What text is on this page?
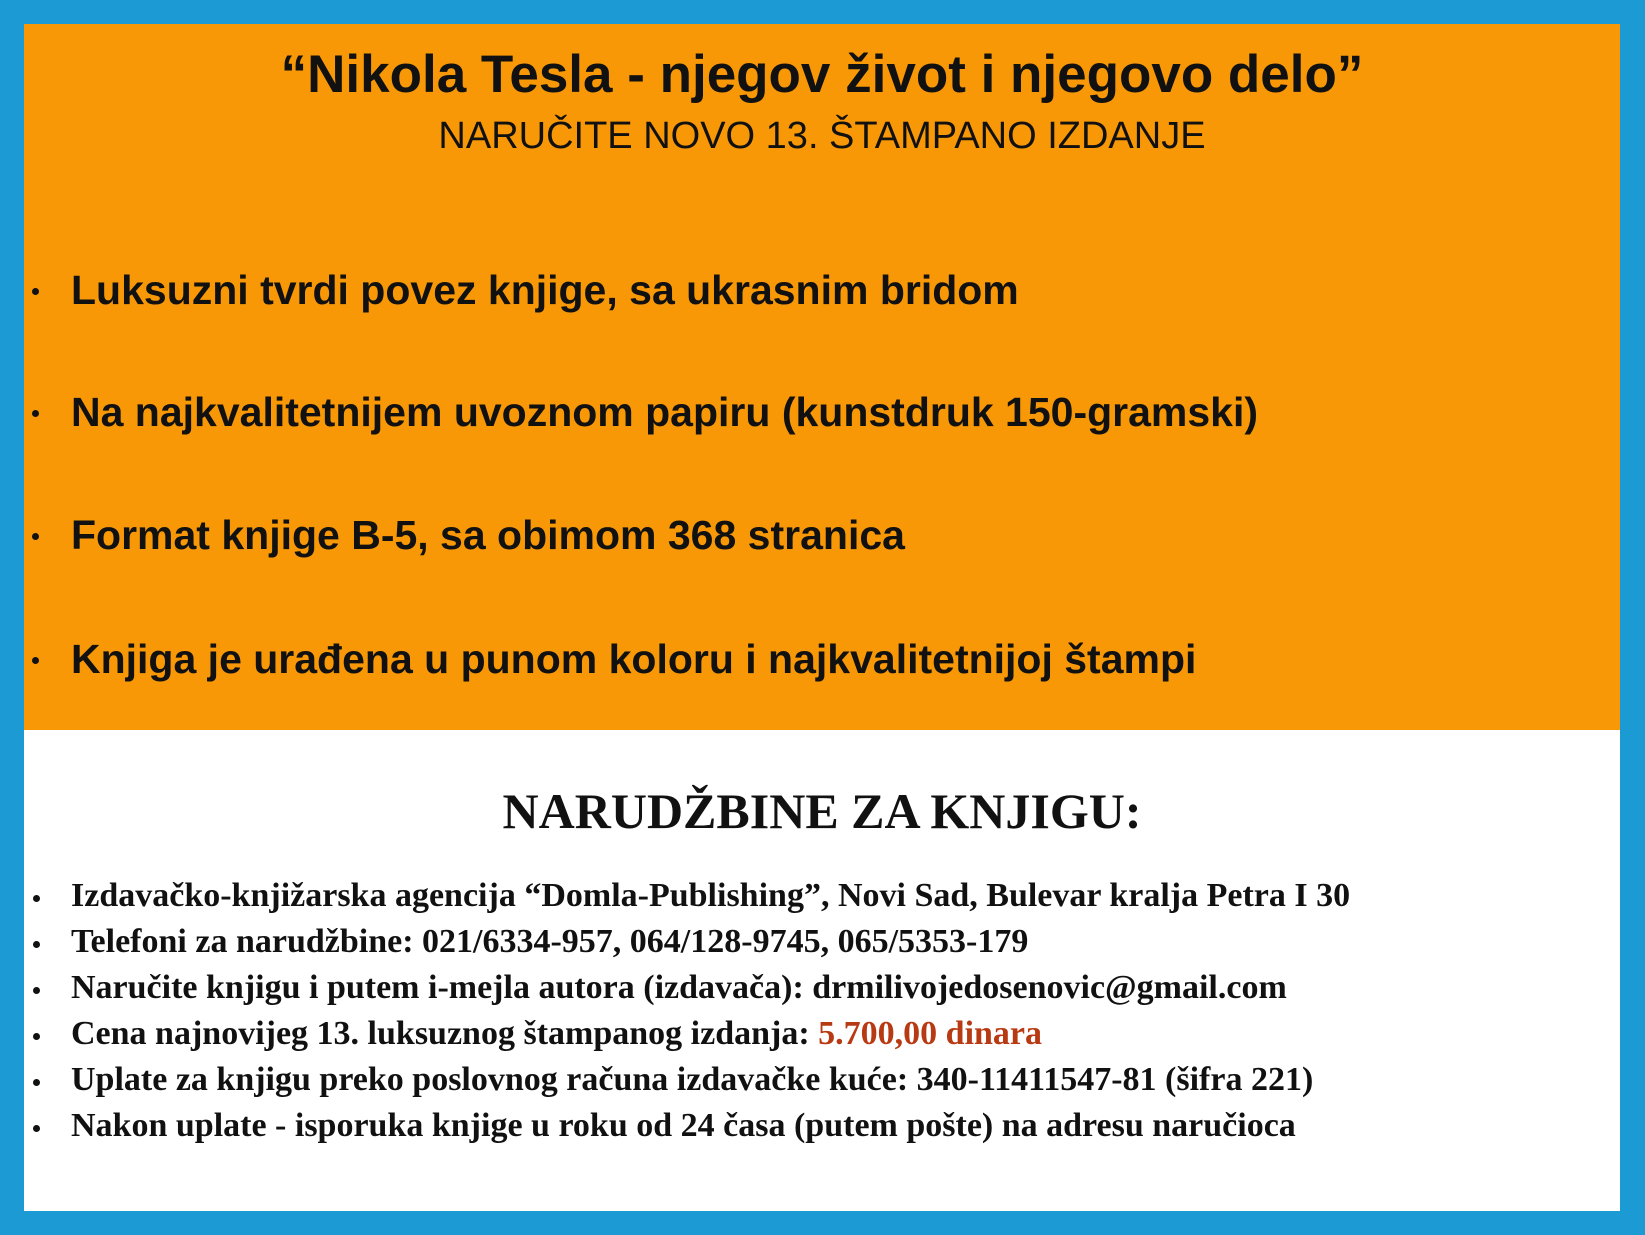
“Nikola Tesla - njegov život i njegovo delo”
NARUČITE NOVO 13. ŠTAMPANO IZDANJE
Luksuzni tvrdi povez knjige, sa ukrasnim bridom
Na najkvalitetnijem uvoznom papiru (kunstdruk 150-gramski)
Format knjige B-5, sa obimom 368 stranica
Knjiga je urađena u punom koloru i najkvalitetnijoj štampi
NARUDŽBINE ZA KNJIGU:
Izdavačko-knjižarska agencija “Domla-Publishing”, Novi Sad, Bulevar kralja Petra I 30
Telefoni za narudžbine: 021/6334-957, 064/128-9745, 065/5353-179
Naručite knjigu i putem i-mejla autora (izdavača): drmilivojedosenovic@gmail.com
Cena najnovijeg 13. luksuznog štampanog izdanja: 5.700,00 dinara
Uplate za knjigu preko poslovnog računa izdavačke kuće: 340-11411547-81 (šifra 221)
Nakon uplate - isporuka knjige u roku od 24 časa (putem pošte) na adresu naručioca
